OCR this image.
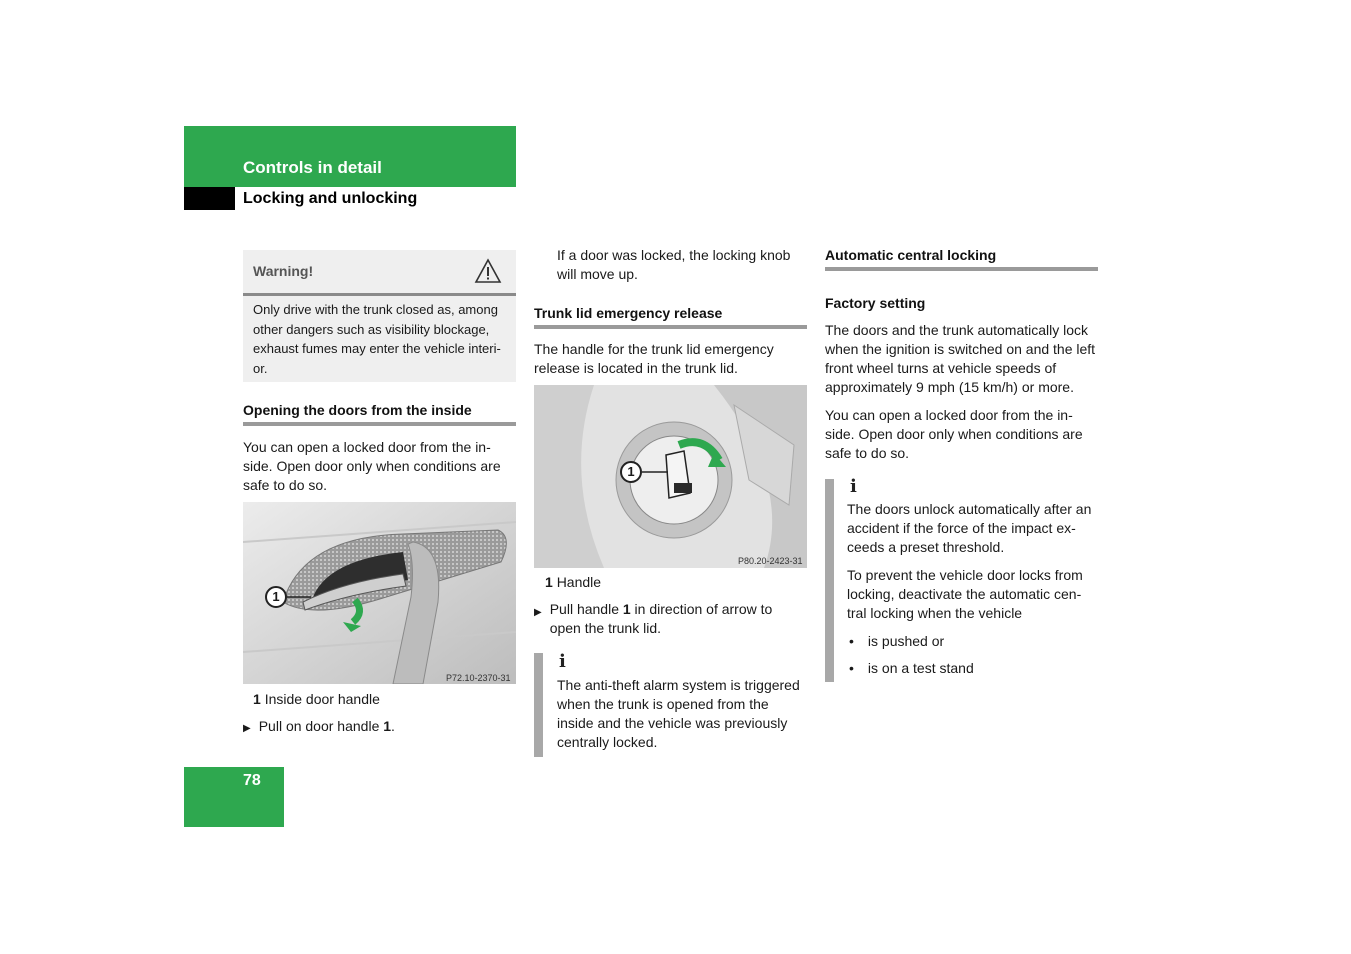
Controls in detail
Locking and unlocking
Warning!
Only drive with the trunk closed as, among other dangers such as visibility blockage, exhaust fumes may enter the vehicle interi-or.
Opening the doors from the inside
You can open a locked door from the in-side. Open door only when conditions are safe to do so.
1
P72.10-2370-31
1 Inside door handle
▶ Pull on door handle 1.
If a door was locked, the locking knob will move up.
Trunk lid emergency release
The handle for the trunk lid emergency release is located in the trunk lid.
1
P80.20-2423-31
1 Handle
▶ Pull handle 1 in direction of arrow to open the trunk lid.
i
The anti-theft alarm system is triggered when the trunk is opened from the inside and the vehicle was previously centrally locked.
Automatic central locking
Factory setting
The doors and the trunk automatically lock when the ignition is switched on and the left front wheel turns at vehicle speeds of approximately 9 mph (15 km/h) or more.
You can open a locked door from the in-side. Open door only when conditions are safe to do so.
i
The doors unlock automatically after an accident if the force of the impact ex-ceeds a preset threshold.
To prevent the vehicle door locks from locking, deactivate the automatic cen-tral locking when the vehicle
• is pushed or
• is on a test stand
78
